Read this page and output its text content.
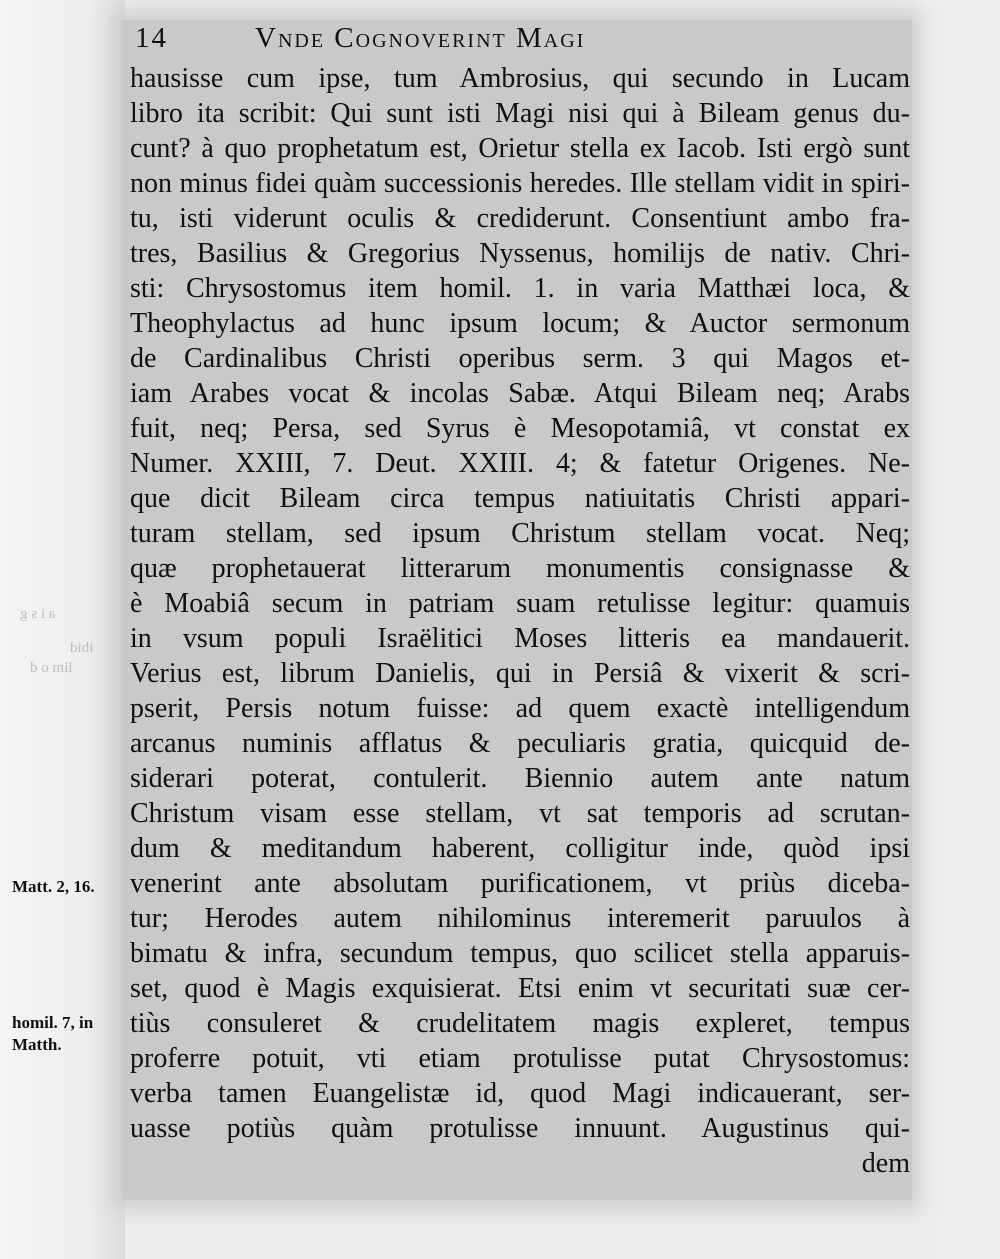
a i s g
lim o d
ibid
14	Vnde Cognoverint Magi
hausisse cum ipse, tum Ambrosius, qui secundo in Lucam
libro ita scribit: Qui sunt isti Magi nisi qui à Bileam genus du-
cunt? à quo prophetatum est, Orietur stella ex Iacob. Isti ergò sunt
non minus fidei quàm successionis heredes. Ille stellam vidit in spiri-
tu, isti viderunt oculis & crediderunt. Consentiunt ambo fra-
tres, Basilius & Gregorius Nyssenus, homilijs de nativ. Chri-
sti: Chrysostomus item homil. 1. in varia Matthæi loca, &
Theophylactus ad hunc ipsum locum; & Auctor sermonum
de Cardinalibus Christi operibus serm. 3 qui Magos et-
iam Arabes vocat & incolas Sabæ. Atqui Bileam neq; Arabs
fuit, neq; Persa, sed Syrus è Mesopotamiâ, vt constat ex
Numer. XXIII, 7. Deut. XXIII. 4; & fatetur Origenes. Ne-
que dicit Bileam circa tempus natiuitatis Christi appari-
turam stellam, sed ipsum Christum stellam vocat. Neq;
quæ prophetauerat litterarum monumentis consignasse &
è Moabiâ secum in patriam suam retulisse legitur: quamuis
in vsum populi Israëlitici Moses litteris ea mandauerit.
Verius est, librum Danielis, qui in Persiâ & vixerit & scri-
pserit, Persis notum fuisse: ad quem exactè intelligendum
arcanus numinis afflatus & peculiaris gratia, quicquid de-
siderari poterat, contulerit. Biennio autem ante natum
Christum visam esse stellam, vt sat temporis ad scrutan-
dum & meditandum haberent, colligitur inde, quòd ipsi
venerint ante absolutam purificationem, vt priùs diceba-
tur; Herodes autem nihilominus interemerit paruulos à
bimatu & infra, secundum tempus, quo scilicet stella apparuis-
set, quod è Magis exquisierat. Etsi enim vt securitati suæ cer-
tiùs consuleret & crudelitatem magis expleret, tempus
proferre potuit, vti etiam protulisse putat Chrysostomus:
verba tamen Euangelistæ id, quod Magi indicauerant, ser-
uasse potiùs quàm protulisse innuunt. Augustinus qui-
dem
Matt. 2, 16.
homil. 7, in
Matth.
